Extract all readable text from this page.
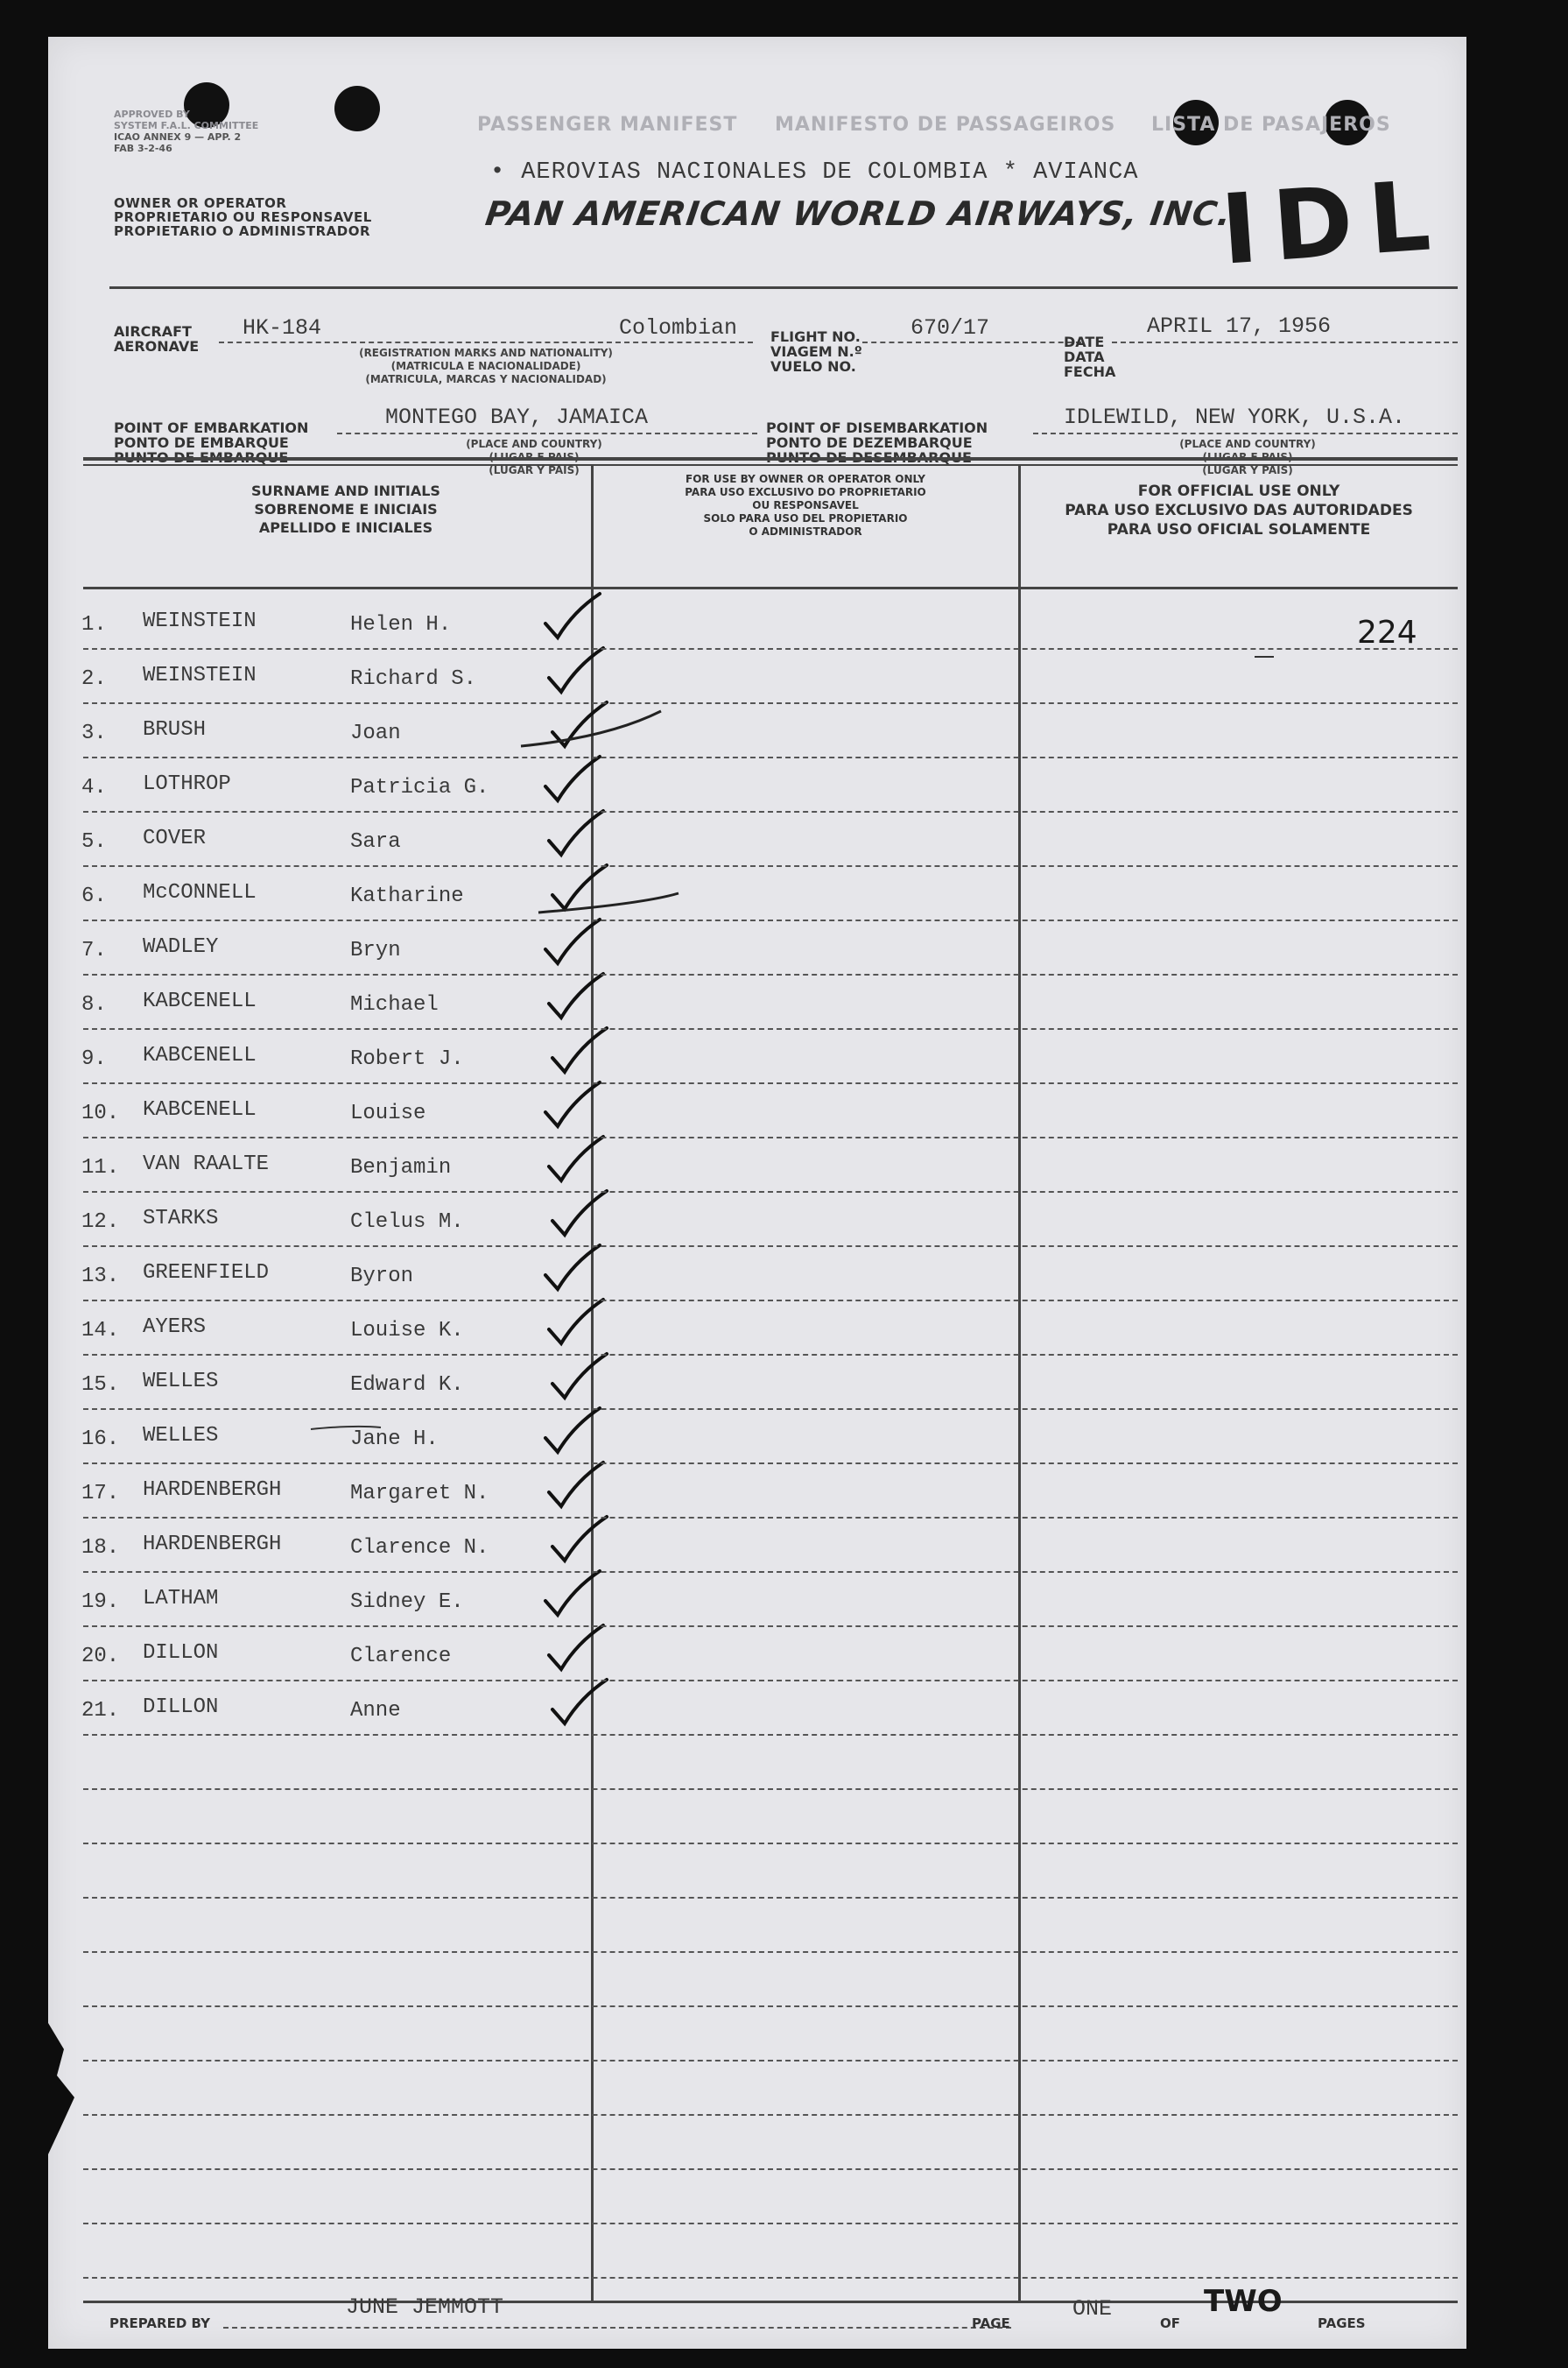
PASSENGER MANIFEST MANIFESTO DE PASSAGEIROS LISTA DE PASAJEROS
APPROVED BY
SYSTEM F.A.L. COMMITTEE
ICAO ANNEX 9 — APP. 2
FAB 3-2-46
OWNER OR OPERATOR
PROPRIETARIO OU RESPONSAVEL
PROPIETARIO O ADMINISTRADOR
• AEROVIAS NACIONALES DE COLOMBIA * AVIANCA
PAN AMERICAN WORLD AIRWAYS, INC.
IDL
AIRCRAFT
AERONAVE
HK-184	Colombian
(REGISTRATION MARKS AND NATIONALITY)
(MATRICULA E NACIONALIDADE)
(MATRICULA, MARCAS Y NACIONALIDAD)
FLIGHT NO.
VIAGEM N.º
VUELO NO.
670/17
DATE
DATA
FECHA
APRIL 17, 1956
POINT OF EMBARKATION
PONTO DE EMBARQUE
PUNTO DE EMBARQUE
MONTEGO BAY, JAMAICA
(PLACE AND COUNTRY)
(LUGAR E PAIS)
(LUGAR Y PAIS)
POINT OF DISEMBARKATION
PONTO DE DEZEMBARQUE
PUNTO DE DESEMBARQUE
IDLEWILD, NEW YORK, U.S.A.
(PLACE AND COUNTRY)
(LUGAR E PAIS)
(LUGAR Y PAIS)
SURNAME AND INITIALS
SOBRENOME E INICIAIS
APELLIDO E INICIALES
FOR USE BY OWNER OR OPERATOR ONLY
PARA USO EXCLUSIVO DO PROPRIETARIO
OU RESPONSAVEL
SOLO PARA USO DEL PROPIETARIO
O ADMINISTRADOR
FOR OFFICIAL USE ONLY
PARA USO EXCLUSIVO DAS AUTORIDADES
PARA USO OFICIAL SOLAMENTE
224
1. WEINSTEIN	Helen H.
2. WEINSTEIN	Richard S.
3. BRUSH	Joan
4. LOTHROP	Patricia G.
5. COVER	Sara
6. McCONNELL	Katharine
7. WADLEY	Bryn
8. KABCENELL	Michael
9. KABCENELL	Robert J.
10. KABCENELL	Louise
11. VAN RAALTE	Benjamin
12. STARKS	Clelus M.
13. GREENFIELD	Byron
14. AYERS	Louise K.
15. WELLES	Edward K.
16. WELLES	Jane H.
17. HARDENBERGH	Margaret N.
18. HARDENBERGH	Clarence N.
19. LATHAM	Sidney E.
20. DILLON	Clarence
21. DILLON	Anne
PREPARED BY
JUNE JEMMOTT
PAGE
ONE
OF
TWO
PAGES
